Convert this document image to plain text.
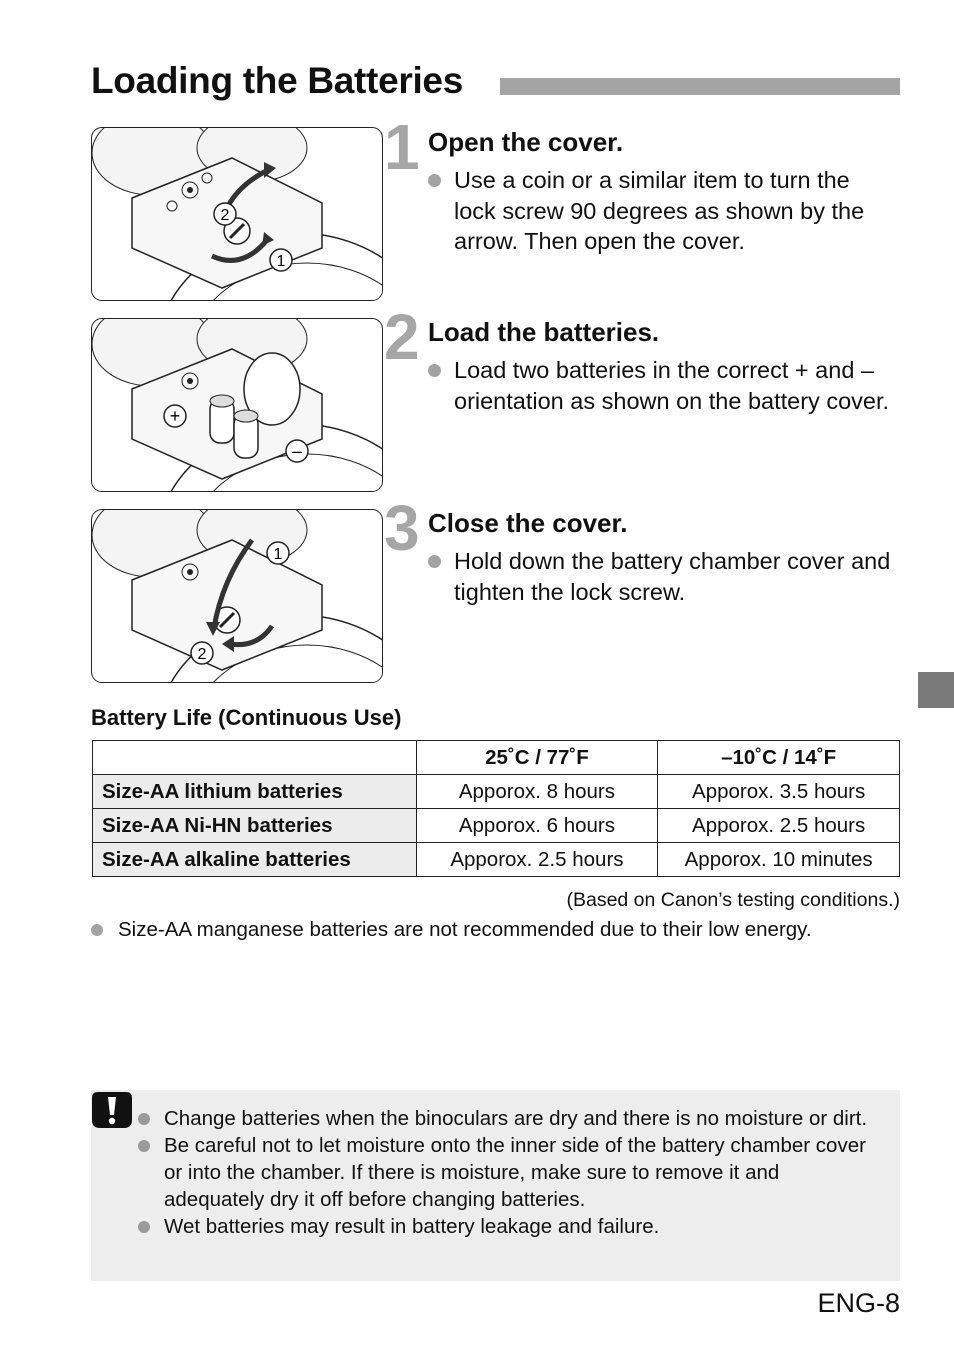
Loading the Batteries
2
1
1 Open the cover.
Use a coin or a similar item to turn the lock screw 90 degrees as shown by the arrow. Then open the cover.
+
–
2 Load the batteries.
Load two batteries in the correct + and – orientation as shown on the battery cover.
1
2
3 Close the cover.
Hold down the battery chamber cover and tighten the lock screw.
Battery Life (Continuous Use)
	25˚C / 77˚F	–10˚C / 14˚F
Size-AA lithium batteries	Apporox. 8 hours	Apporox. 3.5 hours
Size-AA Ni-HN batteries	Apporox. 6 hours	Apporox. 2.5 hours
Size-AA alkaline batteries	Apporox. 2.5 hours	Apporox. 10 minutes
(Based on Canon’s testing conditions.)
Size-AA manganese batteries are not recommended due to their low energy.
Change batteries when the binoculars are dry and there is no moisture or dirt.
Be careful not to let moisture onto the inner side of the battery chamber cover or into the chamber. If there is moisture, make sure to remove it and adequately dry it off before changing batteries.
Wet batteries may result in battery leakage and failure.
ENG-8
